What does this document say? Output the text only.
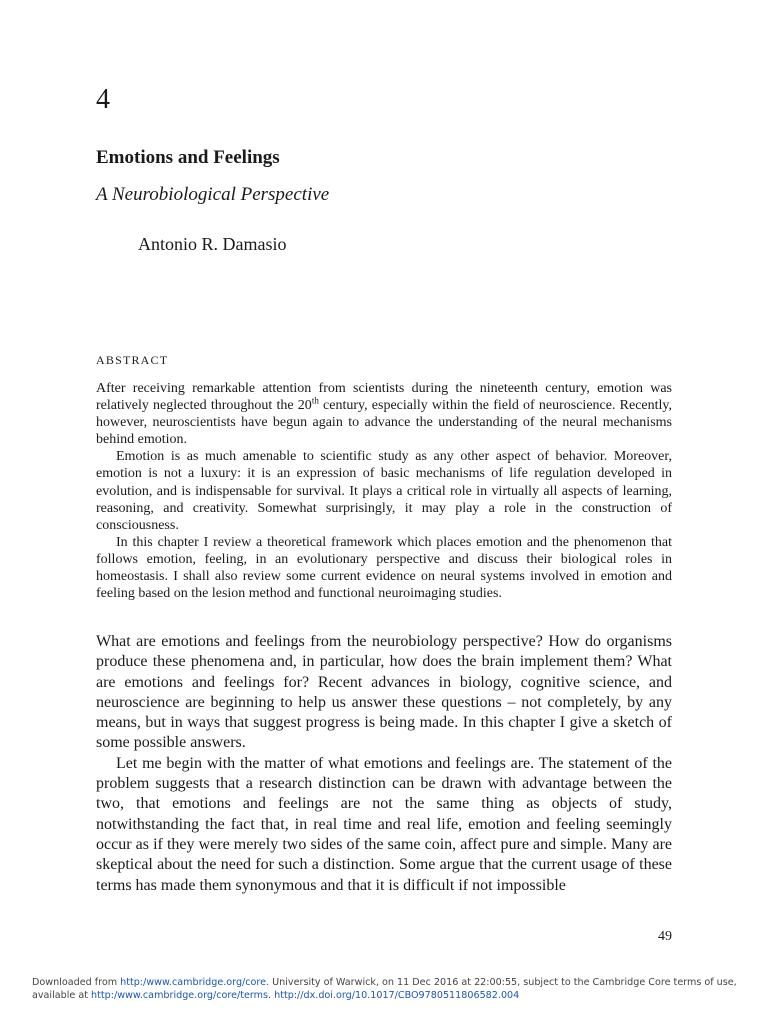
4
Emotions and Feelings
A Neurobiological Perspective
Antonio R. Damasio
ABSTRACT

After receiving remarkable attention from scientists during the nineteenth century, emotion was relatively neglected throughout the 20th century, especially within the field of neuroscience. Recently, however, neuroscientists have begun again to advance the understanding of the neural mechanisms behind emotion.

Emotion is as much amenable to scientific study as any other aspect of behavior. Moreover, emotion is not a luxury: it is an expression of basic mechanisms of life regulation developed in evolution, and is indispensable for survival. It plays a critical role in virtually all aspects of learning, reasoning, and creativity. Somewhat surprisingly, it may play a role in the construction of consciousness.

In this chapter I review a theoretical framework which places emotion and the phenomenon that follows emotion, feeling, in an evolutionary perspective and discuss their biological roles in homeostasis. I shall also review some current evidence on neural systems involved in emotion and feeling based on the lesion method and functional neuroimaging studies.

What are emotions and feelings from the neurobiology perspective? How do organisms produce these phenomena and, in particular, how does the brain implement them? What are emotions and feelings for? Recent advances in biology, cognitive science, and neuroscience are beginning to help us answer these questions – not completely, by any means, but in ways that suggest progress is being made. In this chapter I give a sketch of some possible answers.

Let me begin with the matter of what emotions and feelings are. The statement of the problem suggests that a research distinction can be drawn with advantage between the two, that emotions and feelings are not the same thing as objects of study, notwithstanding the fact that, in real time and real life, emotion and feeling seemingly occur as if they were merely two sides of the same coin, affect pure and simple. Many are skeptical about the need for such a distinction. Some argue that the current usage of these terms has made them synonymous and that it is difficult if not impossible

49
Downloaded from http:/www.cambridge.org/core. University of Warwick, on 11 Dec 2016 at 22:00:55, subject to the Cambridge Core terms of use, available at http:/www.cambridge.org/core/terms. http://dx.doi.org/10.1017/CBO9780511806582.004
